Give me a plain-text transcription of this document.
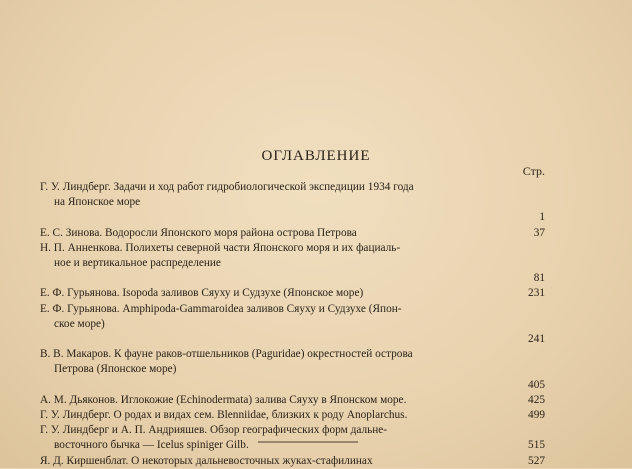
ОГЛАВЛЕНИЕ
Стр.
Г. У. Линдберг. Задачи и ход работ гидробиологической экспедиции 1934 года
на Японское море
1
Е. С. Зинова. Водоросли Японского моря района острова Петрова	37
Н. П. Анненкова. Полихеты северной части Японского моря и их фациаль-
ное и вертикальное распределение
81
Е. Ф. Гурьянова. Isopoda заливов Сяуху и Судзухе (Японское море)	231
Е. Ф. Гурьянова. Amphipoda-Gammaroidea заливов Сяуху и Судзухе (Япон-
ское море)
241
В. В. Макаров. К фауне раков-отшельников (Paguridae) окрестностей острова
Петрова (Японское море)
405
А. М. Дьяконов. Иглокожие (Echinodermata) залива Сяуху в Японском море.	425
Г. У. Линдберг. О родах и видах сем. Blenniidae, близких к роду Anoplarchus.	499
Г. У. Линдберг и А. П. Андрияшев. Обзор географических форм дальне-
восточного бычка — Icelus spiniger Gilb.	515
Я. Д. Киршенблат. О некоторых дальневосточных жуках-стафилинах	527
